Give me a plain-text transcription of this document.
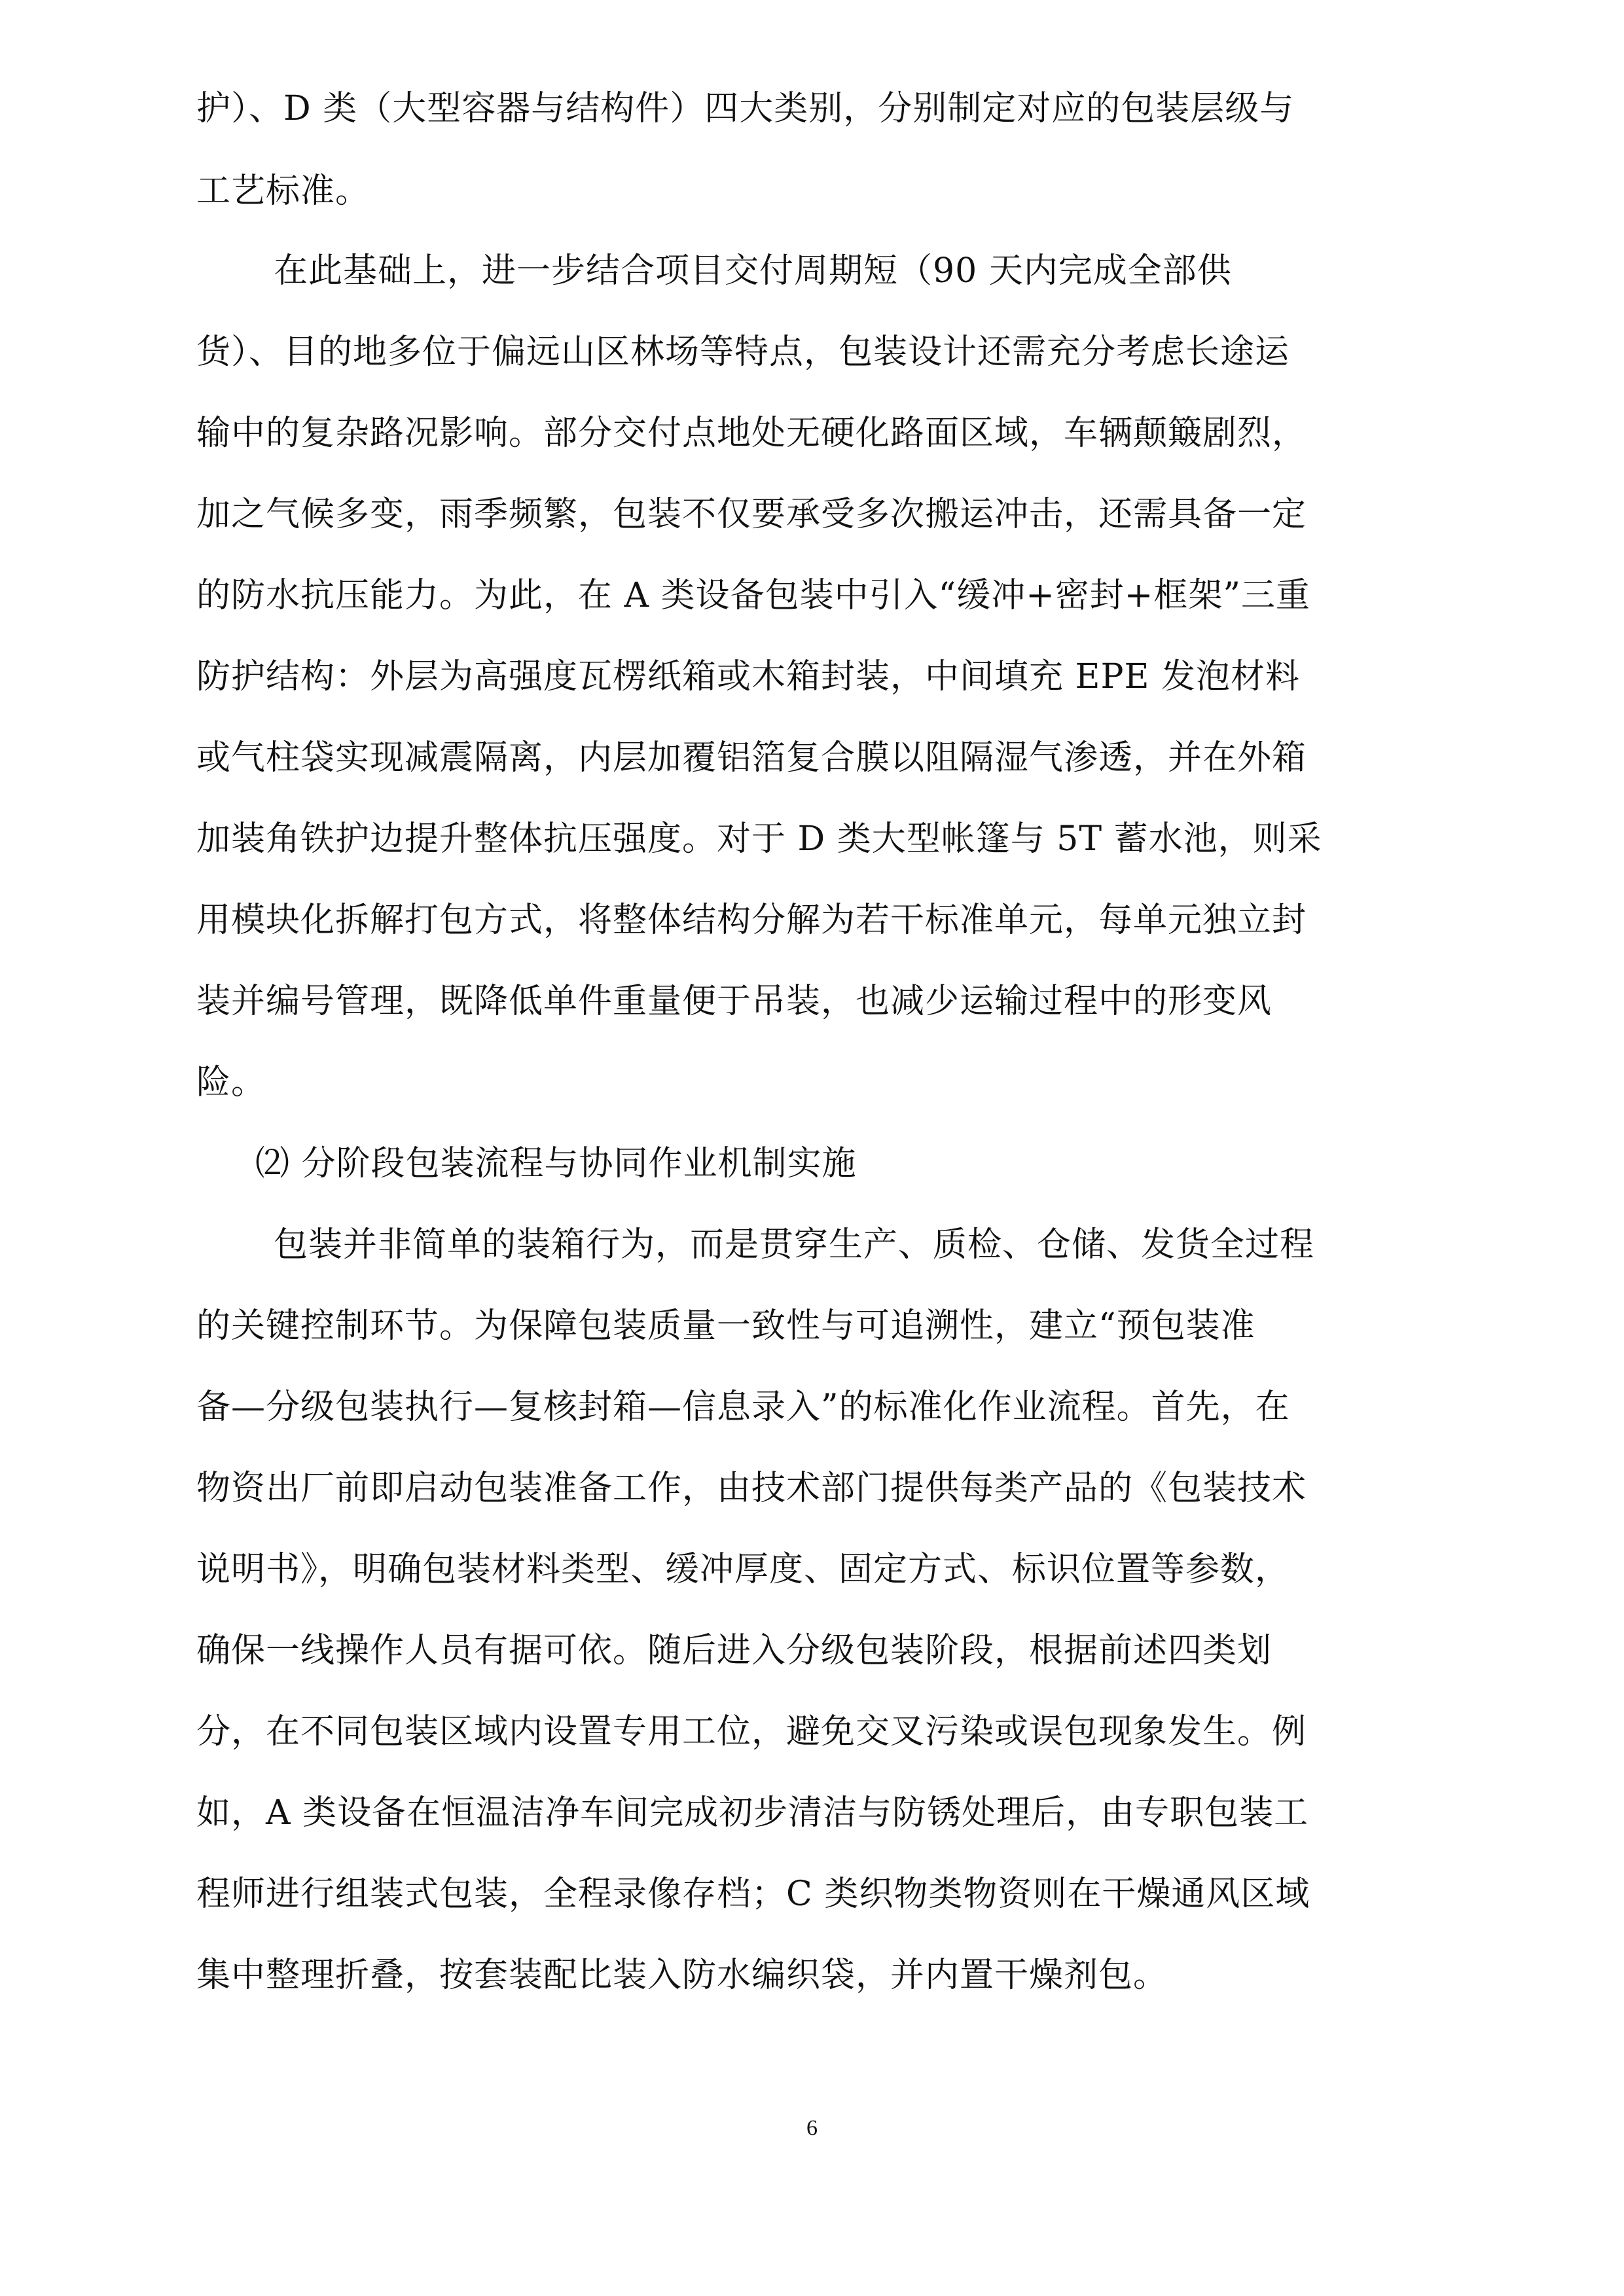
护）、D 类（大型容器与结构件）四大类别，分别制定对应的包装层级与
工艺标准。
在此基础上，进一步结合项目交付周期短（90 天内完成全部供
货）、目的地多位于偏远山区林场等特点，包装设计还需充分考虑长途运
输中的复杂路况影响。部分交付点地处无硬化路面区域，车辆颠簸剧烈，
加之气候多变，雨季频繁，包装不仅要承受多次搬运冲击，还需具备一定
的防水抗压能力。为此，在 A 类设备包装中引入“缓冲+密封+框架”三重
防护结构：外层为高强度瓦楞纸箱或木箱封装，中间填充 EPE 发泡材料
或气柱袋实现减震隔离，内层加覆铝箔复合膜以阻隔湿气渗透，并在外箱
加装角铁护边提升整体抗压强度。对于 D 类大型帐篷与 5T 蓄水池，则采
用模块化拆解打包方式，将整体结构分解为若干标准单元，每单元独立封
装并编号管理，既降低单件重量便于吊装，也减少运输过程中的形变风
险。
⑵ 分阶段包装流程与协同作业机制实施
包装并非简单的装箱行为，而是贯穿生产、质检、仓储、发货全过程
的关键控制环节。为保障包装质量一致性与可追溯性，建立“预包装准
备—分级包装执行—复核封箱—信息录入”的标准化作业流程。首先，在
物资出厂前即启动包装准备工作，由技术部门提供每类产品的《包装技术
说明书》，明确包装材料类型、缓冲厚度、固定方式、标识位置等参数，
确保一线操作人员有据可依。随后进入分级包装阶段，根据前述四类划
分，在不同包装区域内设置专用工位，避免交叉污染或误包现象发生。例
如，A 类设备在恒温洁净车间完成初步清洁与防锈处理后，由专职包装工
程师进行组装式包装，全程录像存档；C 类织物类物资则在干燥通风区域
集中整理折叠，按套装配比装入防水编织袋，并内置干燥剂包。
6
